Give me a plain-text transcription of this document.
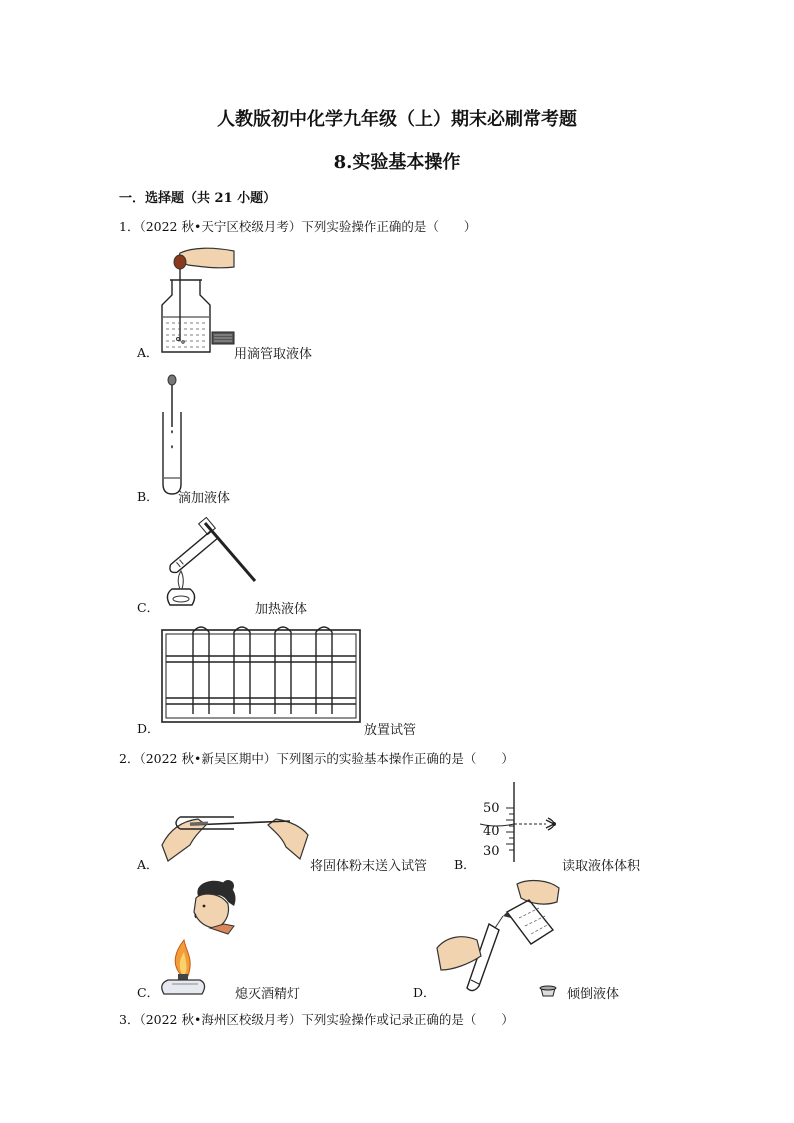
人教版初中化学九年级（上）期末必刷常考题
8.实验基本操作
一．选择题（共 21 小题）
1．（2022 秋•天宁区校级月考）下列实验操作正确的是（　　）
A．	用滴管取液体
B． 滴加液体
C．	加热液体
D．	放置试管
2．（2022 秋•新吴区期中）下列图示的实验基本操作正确的是（　　）
A．	将固体粉末送入试管
50
40
30
B．	读取液体体积
C．	熄灭酒精灯	D．	倾倒液体
3．（2022 秋•海州区校级月考）下列实验操作或记录正确的是（　　）
